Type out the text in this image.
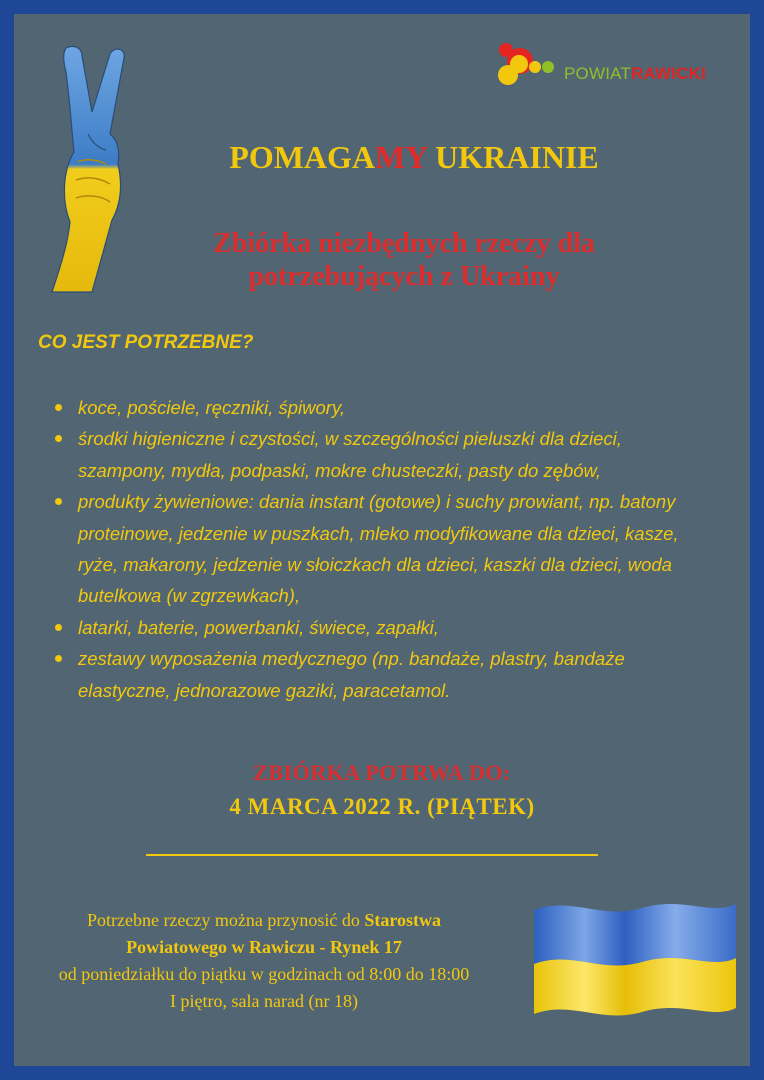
POWIATRAWICKI
POMAGAMY UKRAINIE
Zbiórka niezbędnych rzeczy dla
potrzebujących z Ukrainy
CO JEST POTRZEBNE?
koce, pościele, ręczniki, śpiwory,
środki higieniczne i czystości, w szczególności pieluszki dla dzieci, szampony, mydła, podpaski, mokre chusteczki, pasty do zębów,
produkty żywieniowe: dania instant (gotowe) i suchy prowiant, np. batony proteinowe, jedzenie w puszkach, mleko modyfikowane dla dzieci, kasze, ryże, makarony, jedzenie w słoiczkach dla dzieci, kaszki dla dzieci, woda butelkowa (w zgrzewkach),
latarki, baterie, powerbanki, świece, zapałki,
zestawy wyposażenia medycznego (np. bandaże, plastry, bandaże elastyczne, jednorazowe gaziki, paracetamol.
ZBIÓRKA POTRWA DO:
4 MARCA 2022 R. (PIĄTEK)
Potrzebne rzeczy można przynosić do Starostwa
Powiatowego w Rawiczu - Rynek 17
od poniedziałku do piątku w godzinach od 8:00 do 18:00
I piętro, sala narad (nr 18)
